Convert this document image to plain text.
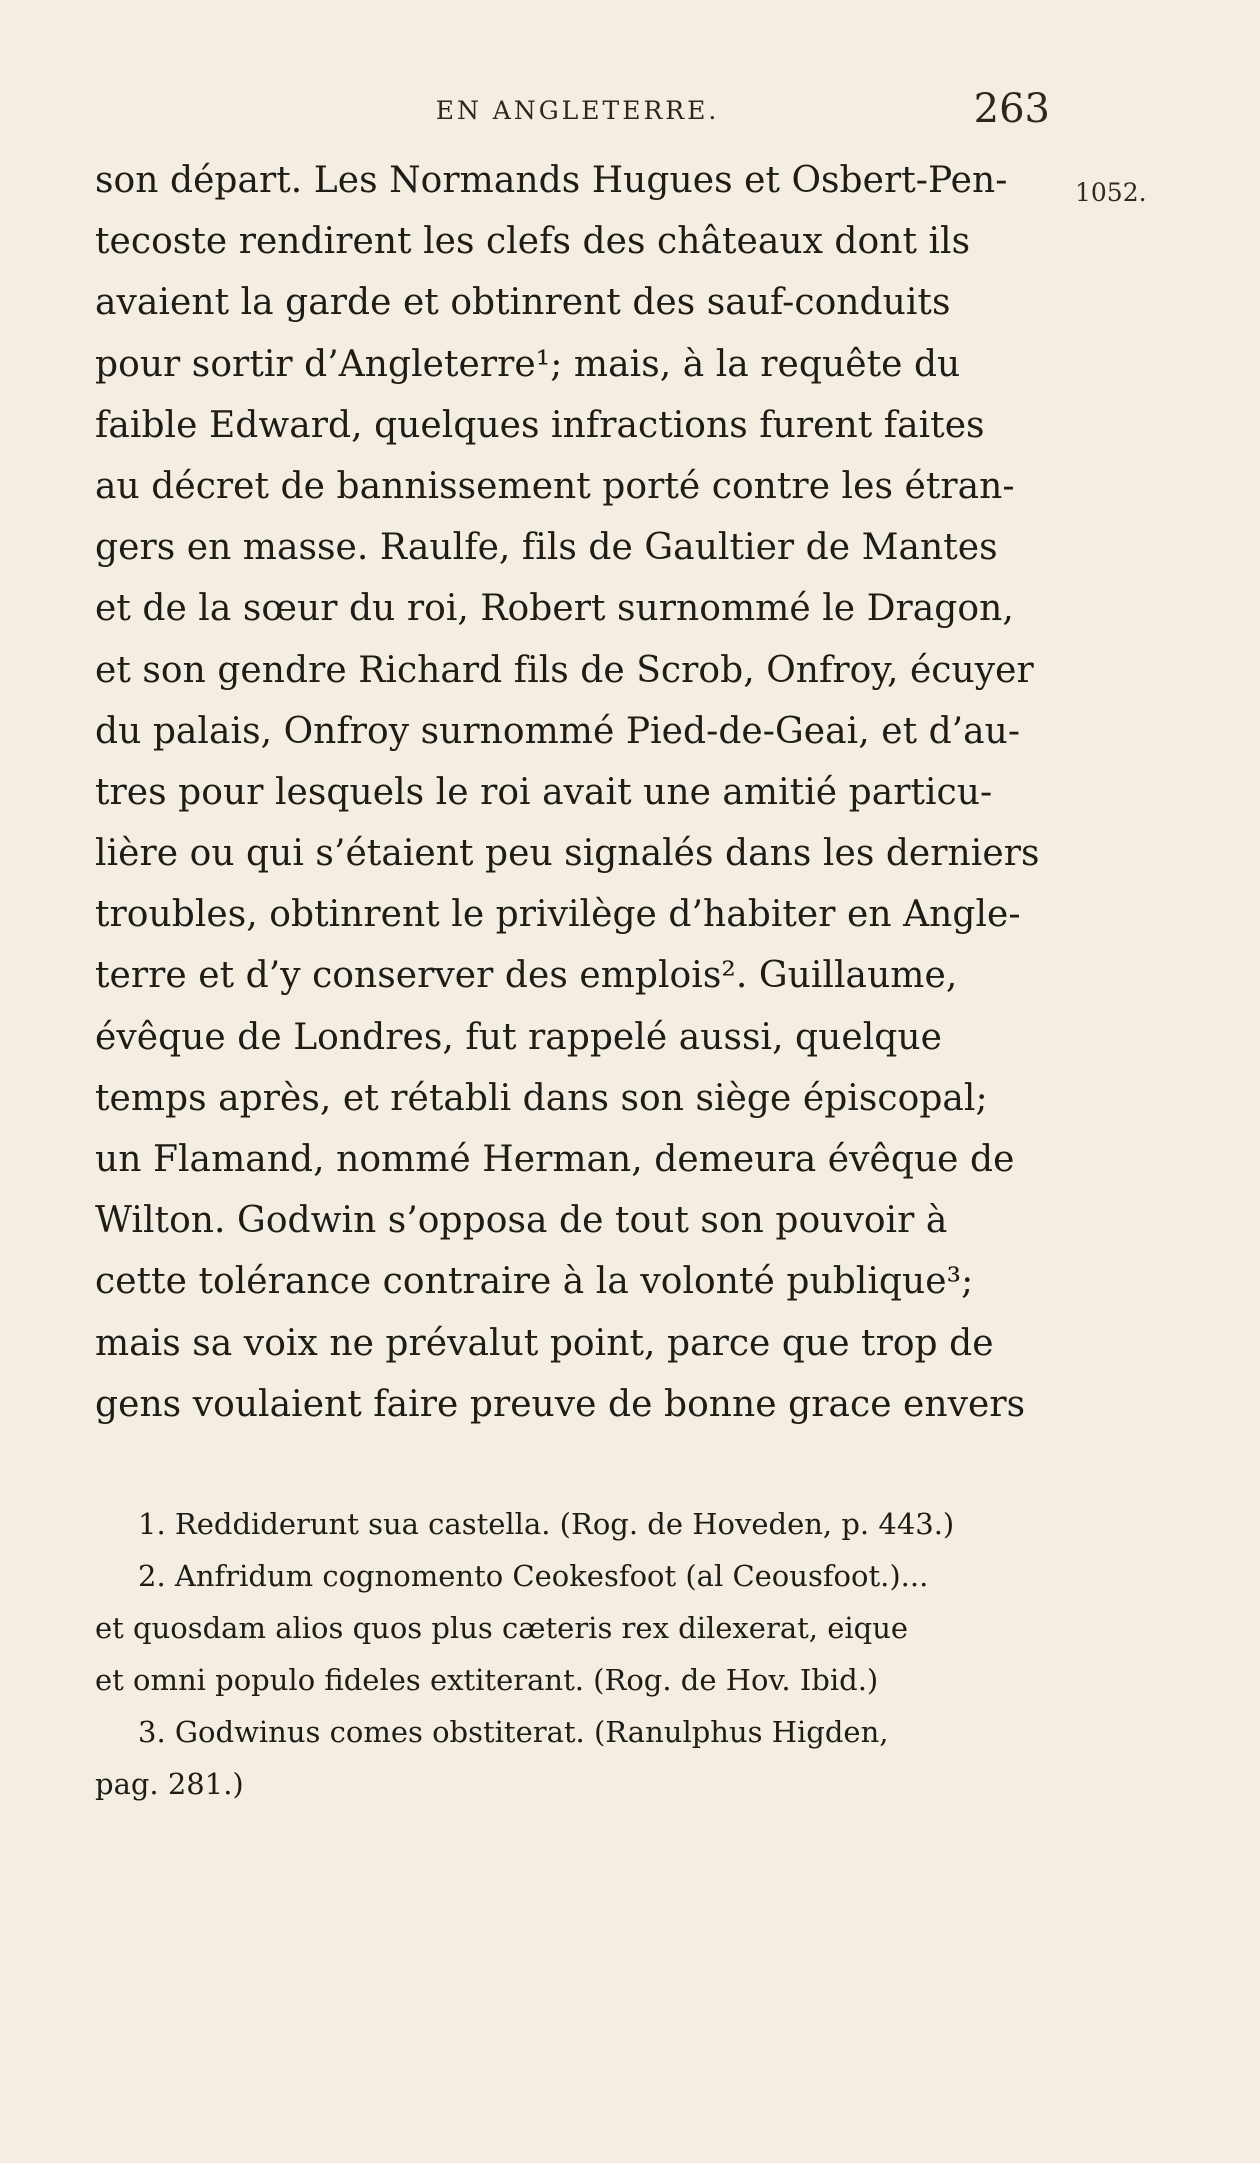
EN ANGLETERRE.	263
1052.
son départ. Les Normands Hugues et Osbert-Pen-
tecoste rendirent les clefs des châteaux dont ils
avaient la garde et obtinrent des sauf-conduits
pour sortir d’Angleterre¹; mais, à la requête du
faible Edward, quelques infractions furent faites
au décret de bannissement porté contre les étran-
gers en masse. Raulfe, fils de Gaultier de Mantes
et de la sœur du roi, Robert surnommé le Dragon,
et son gendre Richard fils de Scrob, Onfroy, écuyer
du palais, Onfroy surnommé Pied-de-Geai, et d’au-
tres pour lesquels le roi avait une amitié particu-
lière ou qui s’étaient peu signalés dans les derniers
troubles, obtinrent le privilège d’habiter en Angle-
terre et d’y conserver des emplois². Guillaume,
évêque de Londres, fut rappelé aussi, quelque
temps après, et rétabli dans son siège épiscopal;
un Flamand, nommé Herman, demeura évêque de
Wilton. Godwin s’opposa de tout son pouvoir à
cette tolérance contraire à la volonté publique³;
mais sa voix ne prévalut point, parce que trop de
gens voulaient faire preuve de bonne grace envers
1. Reddiderunt sua castella. (Rog. de Hoveden, p. 443.)
2. Anfridum cognomento Ceokesfoot (al Ceousfoot.)...
et quosdam alios quos plus cæteris rex dilexerat, eique
et omni populo fideles extiterant. (Rog. de Hov. Ibid.)
3. Godwinus comes obstiterat. (Ranulphus Higden,
pag. 281.)
